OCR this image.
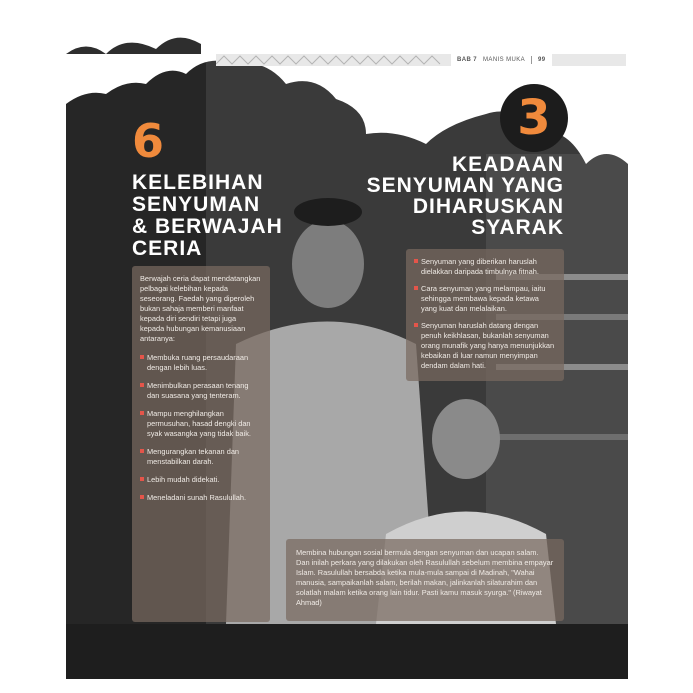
BAB 7 MANIS MUKA 99
6	3
KELEBIHAN
SENYUMAN
& BERWAJAH
CERIA
KEADAAN
SENYUMAN YANG
DIHARUSKAN
SYARAK
Berwajah ceria dapat mendatangkan pelbagai kelebihan kepada seseorang. Faedah yang diperoleh bukan sahaja memberi manfaat kepada diri sendiri tetapi juga kepada hubungan kemanusiaan antaranya:
Membuka ruang persaudaraan dengan lebih luas.
Menimbulkan perasaan tenang dan suasana yang tenteram.
Mampu menghilangkan permusuhan, hasad dengki dan syak wasangka yang tidak baik.
Mengurangkan tekanan dan menstabilkan darah.
Lebih mudah didekati.
Meneladani sunah Rasulullah.
Senyuman yang diberikan haruslah dielakkan daripada timbulnya fitnah.
Cara senyuman yang melampau, iaitu sehingga membawa kepada ketawa yang kuat dan melalaikan.
Senyuman haruslah datang dengan penuh keikhlasan, bukanlah senyuman orang munafik yang hanya menunjukkan kebaikan di luar namun menyimpan dendam dalam hati.
Membina hubungan sosial bermula dengan senyuman dan ucapan salam. Dan inilah perkara yang dilakukan oleh Rasulullah sebelum membina empayar Islam. Rasulullah bersabda ketika mula-mula sampai di Madinah, "Wahai manusia, sampaikanlah salam, berilah makan, jalinkanlah silaturahim dan solatlah malam ketika orang lain tidur. Pasti kamu masuk syurga." (Riwayat Ahmad)
